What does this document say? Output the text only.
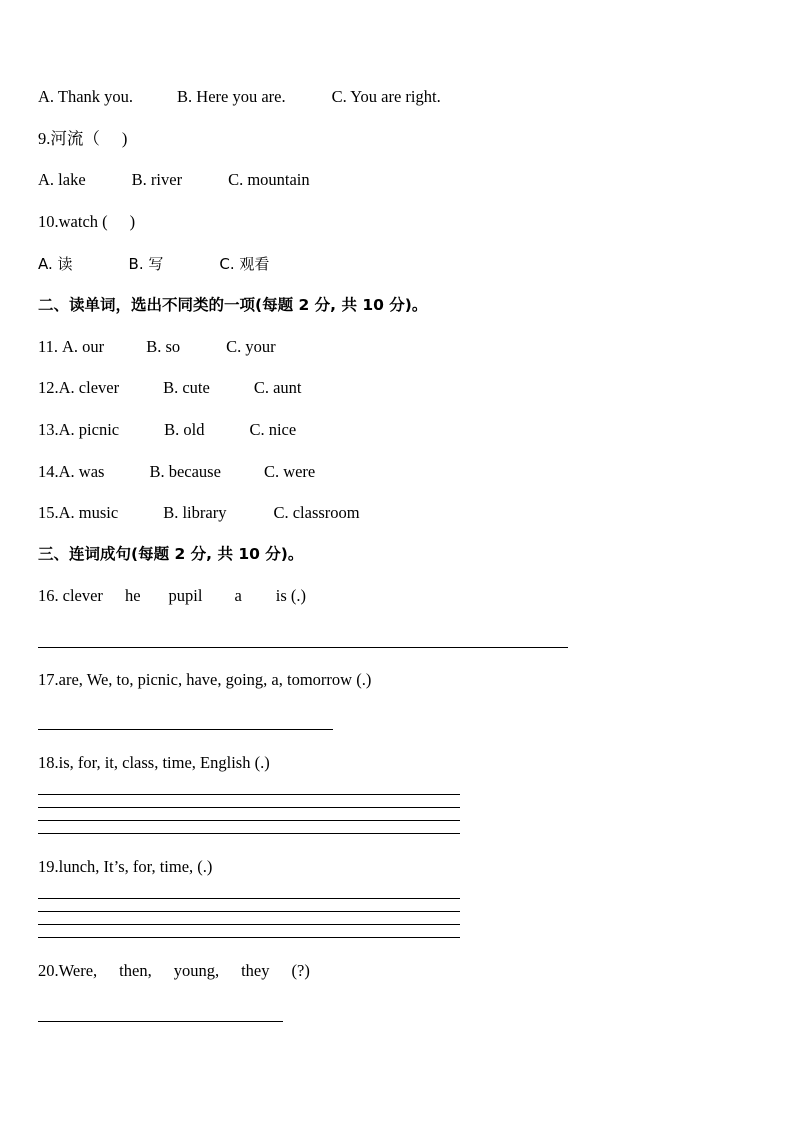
A. Thank you.	B. Here you are.	C. You are right.
9.河流（ )
A. lake	B. river	C. mountain
10.watch ( )
A. 读	B. 写	C. 观看
二、读单词，选出不同类的一项(每题 2 分, 共 10 分)。
11. A. our	B. so	C. your
12.A. clever	B. cute	C. aunt
13.A. picnic	B. old	C. nice
14.A. was	B. because	C. were
15.A. music	B. library	C. classroom
三、连词成句(每题 2 分, 共 10 分)。
16. clever he pupil a is (.)
17.are, We, to, picnic, have, going, a, tomorrow (.)
18.is, for, it, class, time, English (.)
19.lunch, It’s, for, time, (.)
20.Were, then, young, they (?)
